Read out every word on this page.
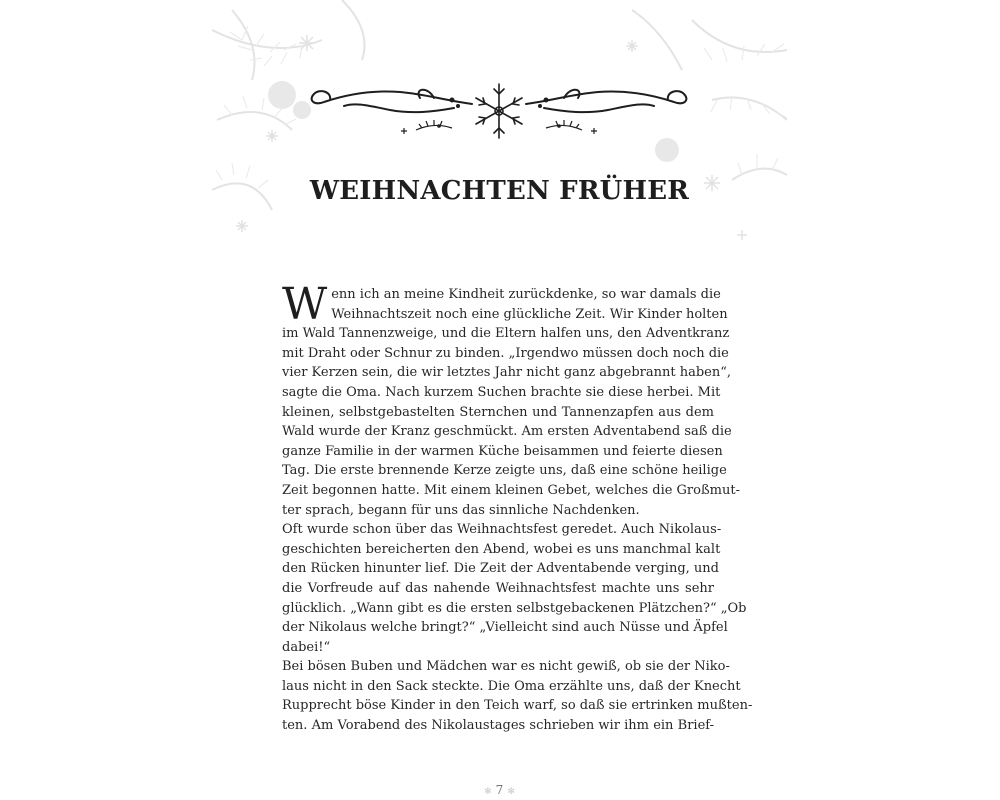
WEIHNACHTEN FRÜHER
W enn ich an meine Kindheit zurückdenke, so war damals die
Weihnachtszeit noch eine glückliche Zeit. Wir Kinder holten
im Wald Tannenzweige, und die Eltern halfen uns, den Adventkranz
mit Draht oder Schnur zu binden. „Irgendwo müssen doch noch die
vier Kerzen sein, die wir letztes Jahr nicht ganz abgebrannt haben“,
sagte die Oma. Nach kurzem Suchen brachte sie diese herbei. Mit
kleinen, selbstgebastelten Sternchen und Tannenzapfen aus dem
Wald wurde der Kranz geschmückt. Am ersten Adventabend saß die
ganze Familie in der warmen Küche beisammen und feierte diesen
Tag. Die erste brennende Kerze zeigte uns, daß eine schöne heilige
Zeit begonnen hatte. Mit einem kleinen Gebet, welches die Großmut-
ter sprach, begann für uns das sinnliche Nachdenken.
Oft wurde schon über das Weihnachtsfest geredet. Auch Nikolaus-
geschichten bereicherten den Abend, wobei es uns manchmal kalt
den Rücken hinunter lief. Die Zeit der Adventabende verging, und
die Vorfreude auf das nahende Weihnachtsfest machte uns sehr
glücklich. „Wann gibt es die ersten selbstgebackenen Plätzchen?“ „Ob
der Nikolaus welche bringt?“ „Vielleicht sind auch Nüsse und Äpfel
dabei!“
Bei bösen Buben und Mädchen war es nicht gewiß, ob sie der Niko-
laus nicht in den Sack steckte. Die Oma erzählte uns, daß der Knecht
Rupprecht böse Kinder in den Teich warf, so daß sie ertrinken mußten-
ten. Am Vorabend des Nikolaustages schrieben wir ihm ein Brief-
✻ 7 ✻
